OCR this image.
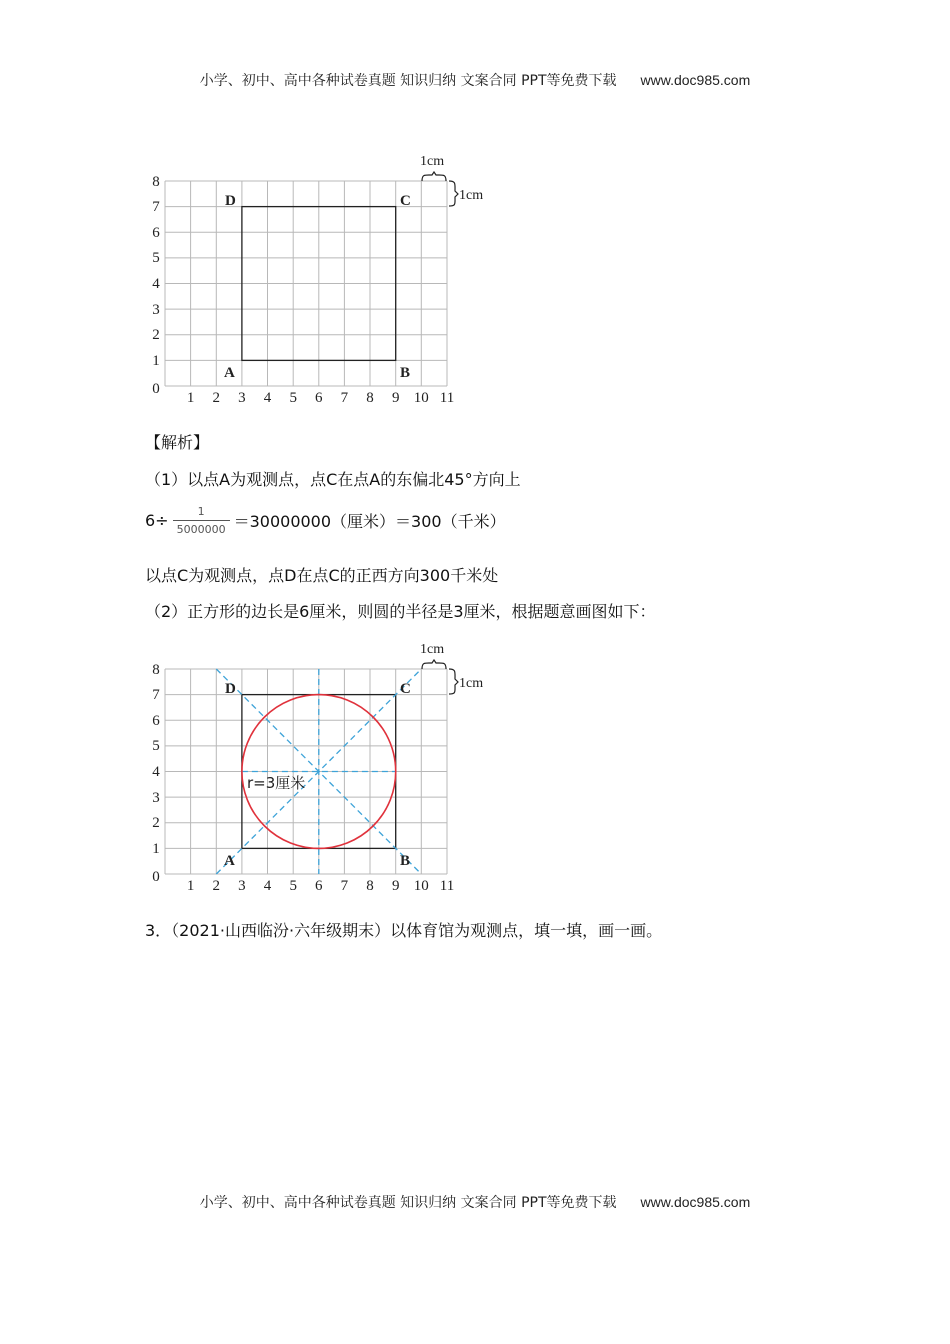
小学、初中、高中各种试卷真题 知识归纳 文案合同 PPT等免费下载 www.doc985.com
1 2 3 4 5 6 7 8 9 10 11
0
1
2
3
4
5
6
7
8
A	B
C
D
1cm
1cm
【解析】
（1）以点A为观测点，点C在点A的东偏北45°方向上
$6\div \frac{1}{5000000} =30000000$（厘米）＝300（千米）
以点C为观测点，点D在点C的正西方向300千米处
（2）正方形的边长是6厘米，则圆的半径是3厘米，根据题意画图如下：
r=3厘米
1 2 3 4 5 6 7 8 9 10 11
0
1
2
3
4
5
6
7
8
A	B
C
D
1cm
1cm
3．（2021·山西临汾·六年级期末）以体育馆为观测点，填一填，画一画。
小学、初中、高中各种试卷真题 知识归纳 文案合同 PPT等免费下载 www.doc985.com
